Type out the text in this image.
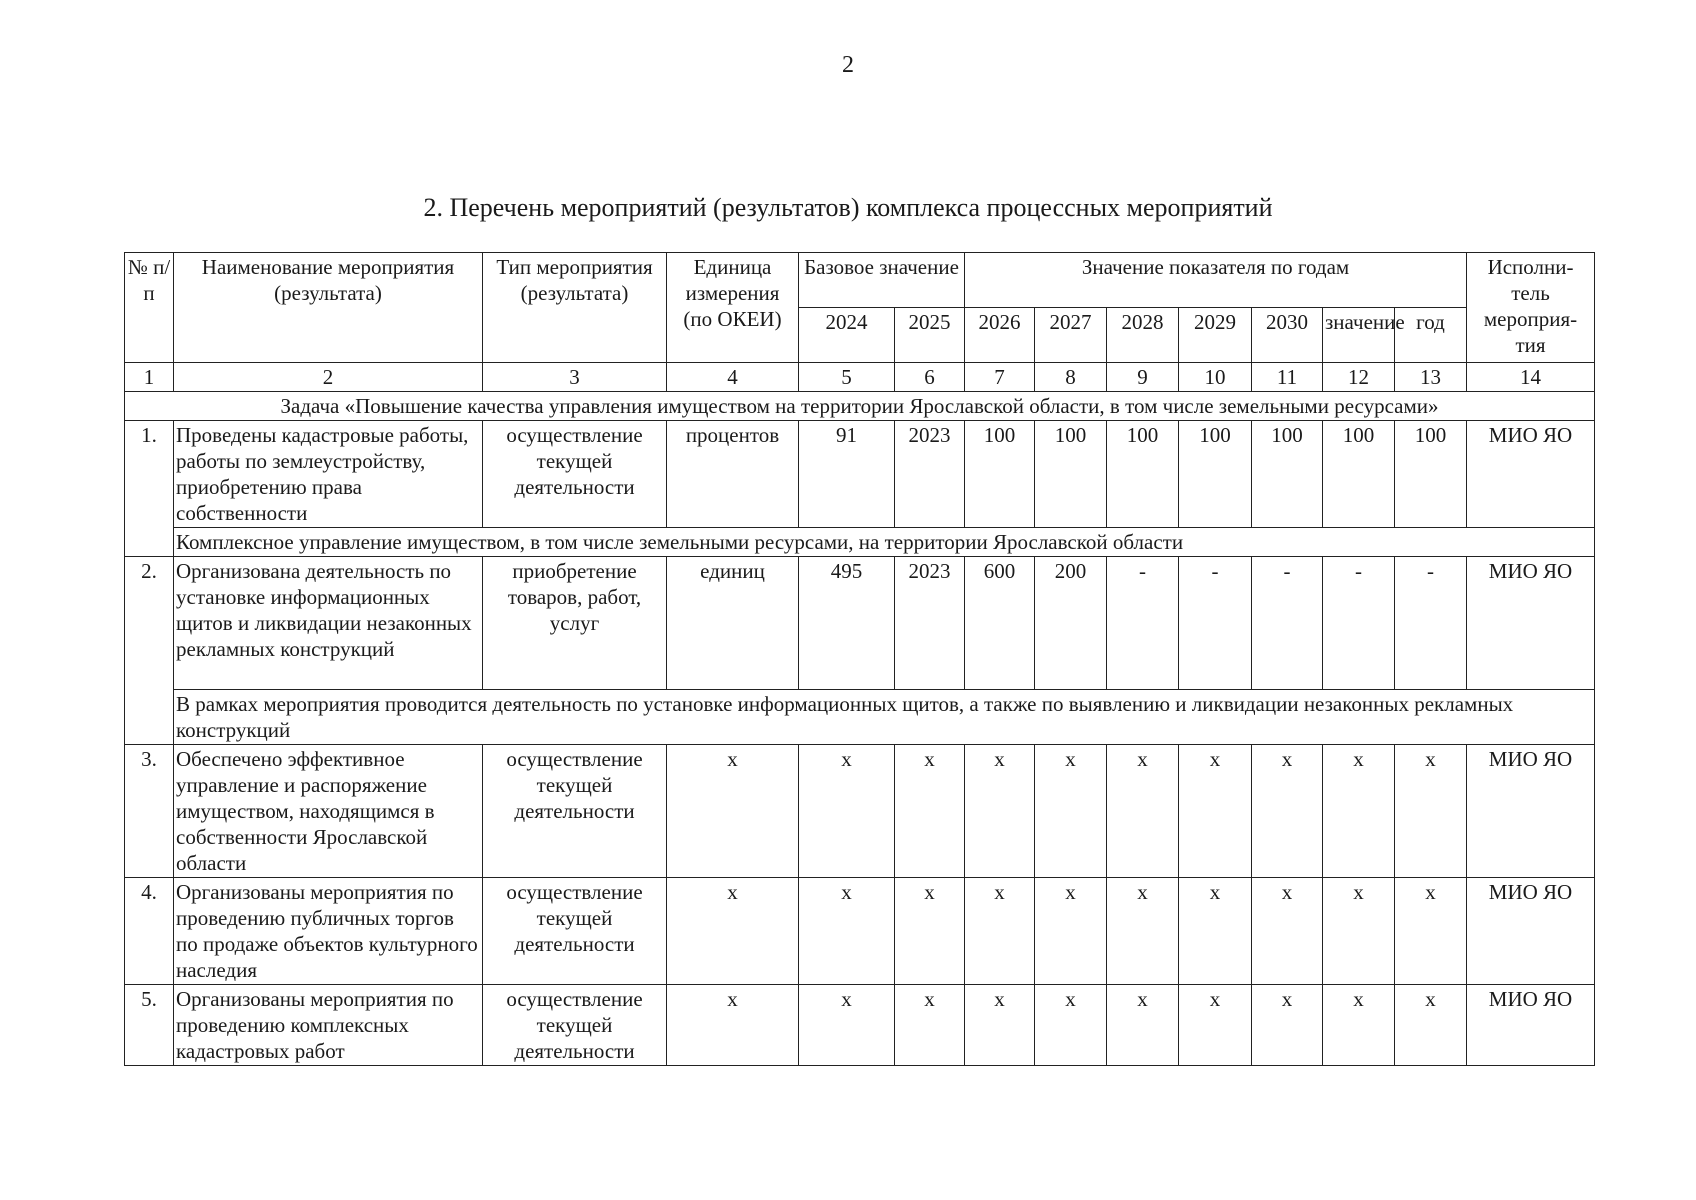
2
2. Перечень мероприятий (результатов) комплекса процессных мероприятий
№ п/п	Наименование мероприятия (результата)	Тип мероприятия (результата)	Единица измерения (по ОКЕИ)	Базовое значение		Значение показателя по годам							Исполни- тель мероприя- тия
				2024	2025	2026	2027	2028	2029	2030			
											значение	год	
1	2	3	4	5	6	7	8	9	10	11	12	13	14
Задача «Повышение качества управления имуществом на территории Ярославской области, в том числе земельными ресурсами»													
1.	Проведены кадастровые работы, работы по землеустройству, приобретению права собственности	осуществление текущей деятельности	процентов	91	2023	100	100	100	100	100	100	100	МИО ЯО
	Комплексное управление имуществом, в том числе земельными ресурсами, на территории Ярославской области												
2.	Организована деятельность по установке информационных щитов и ликвидации незаконных рекламных конструкций	приобретение товаров, работ, услуг	единиц	495	2023	600	200	-	-	-	-	-	МИО ЯО
	В рамках мероприятия проводится деятельность по установке информационных щитов, а также по выявлению и ликвидации незаконных рекламных конструкций												
3.	Обеспечено эффективное управление и распоряжение имуществом, находящимся в собственности Ярославской области	осуществление текущей деятельности	х	х	х	х	х	х	х	х	х	х	МИО ЯО
4.	Организованы мероприятия по проведению публичных торгов по продаже объектов культурного наследия	осуществление текущей деятельности	х	х	х	х	х	х	х	х	х	х	МИО ЯО
5.	Организованы мероприятия по проведению комплексных кадастровых работ	осуществление текущей деятельности	х	х	х	х	х	х	х	х	х	х	МИО ЯО
